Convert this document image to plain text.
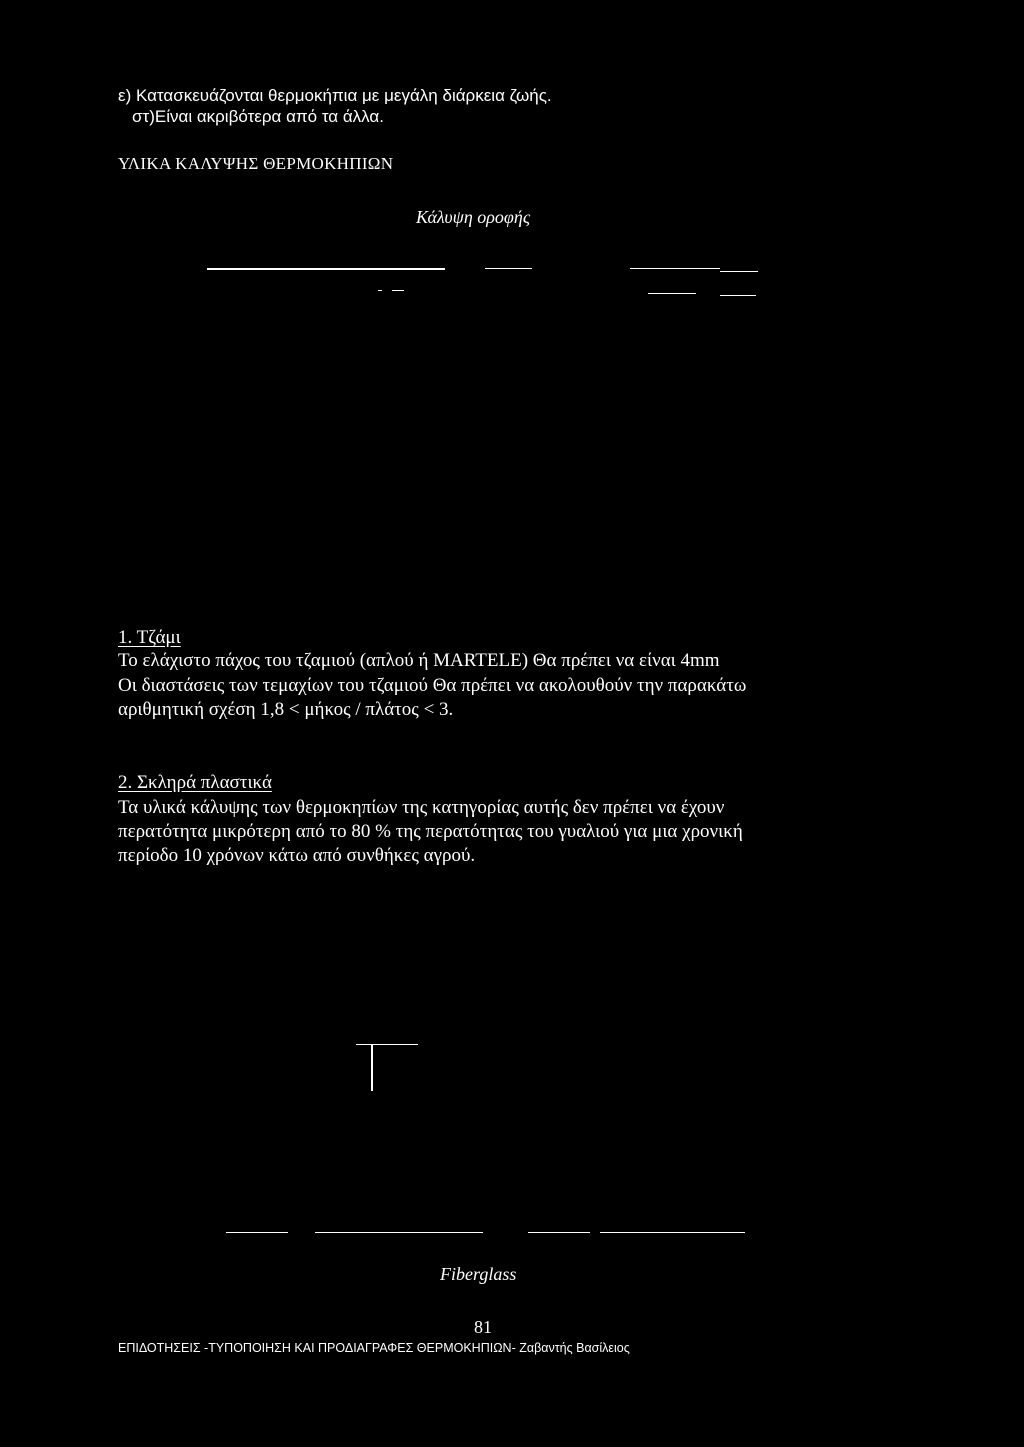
ε) Κατασκευάζονται θερμοκήπια με μεγάλη διάρκεια ζωής.
στ)Είναι ακριβότερα από τα άλλα.
ΥΛΙΚΑ ΚΑΛΥΨΗΣ ΘΕΡΜΟΚΗΠΙΩΝ
Κάλυψη οροφής
1. Τζάμι
Το ελάχιστο πάχος του τζαμιού (απλού ή MARTELE) Θα πρέπει να είναι 4mm
Οι διαστάσεις των τεμαχίων του τζαμιού Θα πρέπει να ακολουθούν την παρακάτω
αριθμητική σχέση 1,8 < μήκος / πλάτος < 3.
2. Σκληρά πλαστικά
Τα υλικά κάλυψης των θερμοκηπίων της κατηγορίας αυτής δεν πρέπει να έχουν
περατότητα μικρότερη από το 80 % της περατότητας του γυαλιού για μια χρονική
περίοδο 10 χρόνων κάτω από συνθήκες αγρού.
Fiberglass
81
ΕΠΙΔΟΤΗΣΕΙΣ -ΤΥΠΟΠΟΙΗΣΗ ΚΑΙ ΠΡΟΔΙΑΓΡΑΦΕΣ ΘΕΡΜΟΚΗΠΙΩΝ- Ζαβαντής Βασίλειος
